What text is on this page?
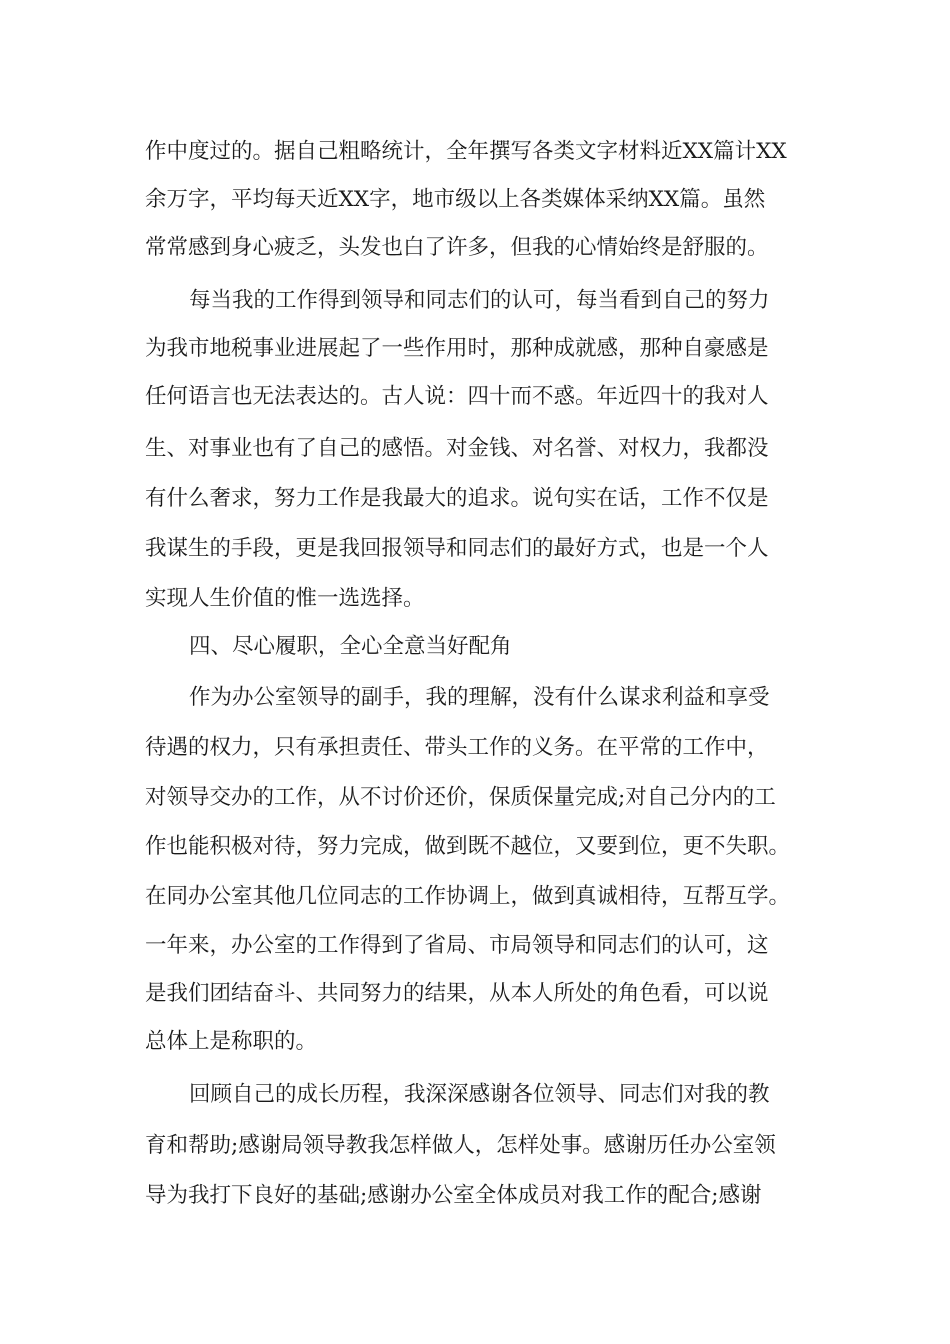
作中度过的。据自己粗略统计，全年撰写各类文字材料近XX篇计XX
余万字，平均每天近XX字，地市级以上各类媒体采纳XX篇。虽然
常常感到身心疲乏，头发也白了许多，但我的心情始终是舒服的。
每当我的工作得到领导和同志们的认可，每当看到自己的努力
为我市地税事业进展起了一些作用时，那种成就感，那种自豪感是
任何语言也无法表达的。古人说：四十而不惑。年近四十的我对人
生、对事业也有了自己的感悟。对金钱、对名誉、对权力，我都没
有什么奢求，努力工作是我最大的追求。说句实在话，工作不仅是
我谋生的手段，更是我回报领导和同志们的最好方式，也是一个人
实现人生价值的惟一选选择。
四、尽心履职，全心全意当好配角
作为办公室领导的副手，我的理解，没有什么谋求利益和享受
待遇的权力，只有承担责任、带头工作的义务。在平常的工作中，
对领导交办的工作，从不讨价还价，保质保量完成;对自己分内的工
作也能积极对待，努力完成，做到既不越位，又要到位，更不失职。
在同办公室其他几位同志的工作协调上，做到真诚相待，互帮互学。
一年来，办公室的工作得到了省局、市局领导和同志们的认可，这
是我们团结奋斗、共同努力的结果，从本人所处的角色看，可以说
总体上是称职的。
回顾自己的成长历程，我深深感谢各位领导、同志们对我的教
育和帮助;感谢局领导教我怎样做人，怎样处事。感谢历任办公室领
导为我打下良好的基础;感谢办公室全体成员对我工作的配合;感谢
